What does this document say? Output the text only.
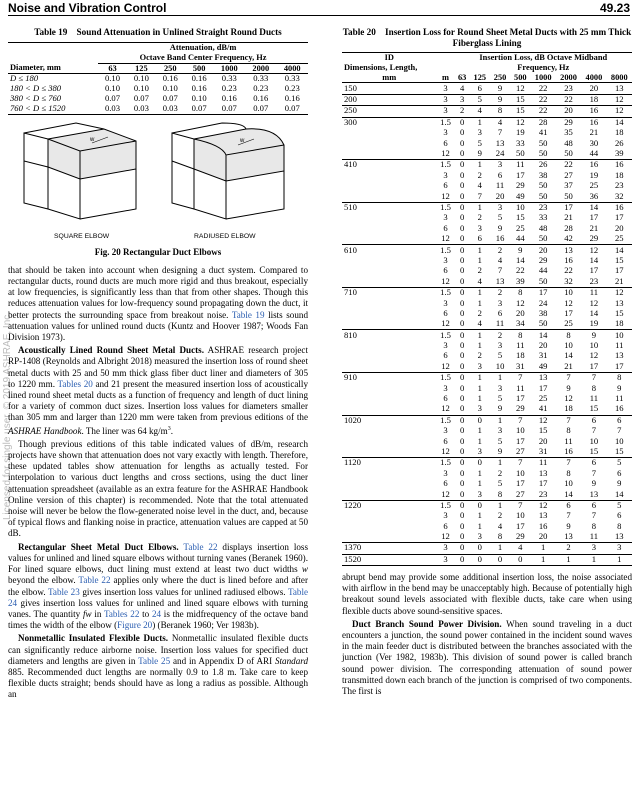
Noise and Vibration Control	49.23
Licensed for single user. © 2019 ASHRAE, Inc.
Table 19 Sound Attenuation in Unlined Straight Round Ducts
	Attenuation, dB/m						
	Octave Band Center Frequency, Hz						
Diameter, mm	63	125	250	500	1000	2000	4000
D ≤ 180	0.10	0.10	0.16	0.16	0.33	0.33	0.33
180 < D ≤ 380	0.10	0.10	0.10	0.16	0.23	0.23	0.23
380 < D ≤ 760	0.07	0.07	0.07	0.10	0.16	0.16	0.16
760 < D ≤ 1520	0.03	0.03	0.03	0.07	0.07	0.07	0.07
w	w
SQUARE ELBOW	RADIUSED ELBOW
Fig. 20 Rectangular Duct Elbows

that should be taken into account when designing a duct system. Compared to rectangular ducts, round ducts are much more rigid and thus breakout, especially at low frequencies, is significantly less than that from other shapes. Though this reduces attenuation values for low-frequency sound propagating down the duct, it better protects the surrounding space from breakout noise. Table 19 lists sound attenuation values for unlined round ducts (Kuntz and Hoover 1987; Woods Fan Division 1973).

Acoustically Lined Round Sheet Metal Ducts. ASHRAE research project RP-1408 (Reynolds and Albright 2018) measured the insertion loss of round sheet metal ducts with 25 and 50 mm thick glass fiber duct liner and diameters of 305 to 1220 mm. Tables 20 and 21 present the measured insertion loss of acoustically lined round sheet metal ducts as a function of frequency and length of duct lining for a variety of common duct sizes. Insertion loss values for diameters smaller than 305 mm and larger than 1220 mm were taken from previous editions of the ASHRAE Handbook. The liner was 64 $kg/m^3$.

Though previous editions of this table indicated values of dB/m, research projects have shown that attenuation does not vary exactly with length. Therefore, these updated tables show attenuation for lengths as actually tested. For interpolation to various duct lengths and cross sections, using the duct liner attenuation spreadsheet (available as an extra feature for the ASHRAE Handbook Online version of this chapter) is recommended. Note that the total attenuated noise will never be below the flow-generated noise level in the duct, and, because of typical flows and flanking noise in practice, attenuation values are capped at 50 dB.

Rectangular Sheet Metal Duct Elbows. Table 22 displays insertion loss values for unlined and lined square elbows without turning vanes (Beranek 1960). For lined square elbows, duct lining must extend at least two duct widths w beyond the elbow. Table 22 applies only where the duct is lined before and after the elbow. Table 23 gives insertion loss values for unlined radiused elbows. Table 24 gives insertion loss values for unlined and lined square elbows with turning vanes. The quantity fw in Tables 22 to 24 is the midfrequency of the octave band times the width of the elbow (Figure 20) (Beranek 1960; Ver 1983b).

Nonmetallic Insulated Flexible Ducts. Nonmetallic insulated flexible ducts can significantly reduce airborne noise. Insertion loss values for specified duct diameters and lengths are given in Table 25 and in Appendix D of ARI Standard 885. Recommended duct lengths are normally 0.9 to 1.8 m. Take care to keep flexible ducts straight; bends should have as long a radius as possible. Although an

Table 20 Insertion Loss for Round Sheet Metal Ducts with 25 mm Thick Fiberglass Lining
ID
Dimensions, Length,		Insertion Loss, dB Octave Midband							
		Frequency, Hz							
mm	m	63	125	250	500	1000	2000	4000	8000
150	3	4	6	9	12	22	23	20	13
200	3	3	5	9	15	22	22	18	12
250	3	2	4	8	15	22	20	16	12
300	1.5	0	1	4	12	28	29	16	14
	3	0	3	7	19	41	35	21	18
	6	0	5	13	33	50	48	30	26
	12	0	9	24	50	50	50	44	39
410	1.5	0	1	3	11	26	22	16	16
	3	0	2	6	17	38	27	19	18
	6	0	4	11	29	50	37	25	23
	12	0	7	20	49	50	50	36	32
510	1.5	0	1	3	10	23	17	14	16
	3	0	2	5	15	33	21	17	17
	6	0	3	9	25	48	28	21	20
	12	0	6	16	44	50	42	29	25
610	1.5	0	1	2	9	20	13	12	14
	3	0	1	4	14	29	16	14	15
	6	0	2	7	22	44	22	17	17
	12	0	4	13	39	50	32	23	21
710	1.5	0	1	2	8	17	10	11	12
	3	0	1	3	12	24	12	12	13
	6	0	2	6	20	38	17	14	15
	12	0	4	11	34	50	25	19	18
810	1.5	0	1	2	8	14	8	9	10
	3	0	1	3	11	20	10	10	11
	6	0	2	5	18	31	14	12	13
	12	0	3	10	31	49	21	17	17
910	1.5	0	1	1	7	13	7	7	8
	3	0	1	3	11	17	9	8	9
	6	0	1	5	17	25	12	11	11
	12	0	3	9	29	41	18	15	16
1020	1.5	0	0	1	7	12	7	6	6
	3	0	1	3	10	15	8	7	7
	6	0	1	5	17	20	11	10	10
	12	0	3	9	27	31	16	15	15
1120	1.5	0	0	1	7	11	7	6	5
	3	0	1	2	10	13	8	7	6
	6	0	1	5	17	17	10	9	9
	12	0	3	8	27	23	14	13	14
1220	1.5	0	0	1	7	12	6	6	5
	3	0	1	2	10	13	7	7	6
	6	0	1	4	17	16	9	8	8
	12	0	3	8	29	20	13	11	13
1370	3	0	0	1	4	1	2	3	3
1520	3	0	0	0	0	1	1	1	1

abrupt bend may provide some additional insertion loss, the noise associated with airflow in the bend may be unacceptably high. Because of potentially high breakout sound levels associated with flexible ducts, take care when using flexible ducts above sound-sensitive spaces.

Duct Branch Sound Power Division. When sound traveling in a duct encounters a junction, the sound power contained in the incident sound waves in the main feeder duct is distributed between the branches associated with the junction (Ver 1982, 1983b). This division of sound power is called branch sound power division. The corresponding attenuation of sound power transmitted down each branch of the junction is comprised of two components. The first is
